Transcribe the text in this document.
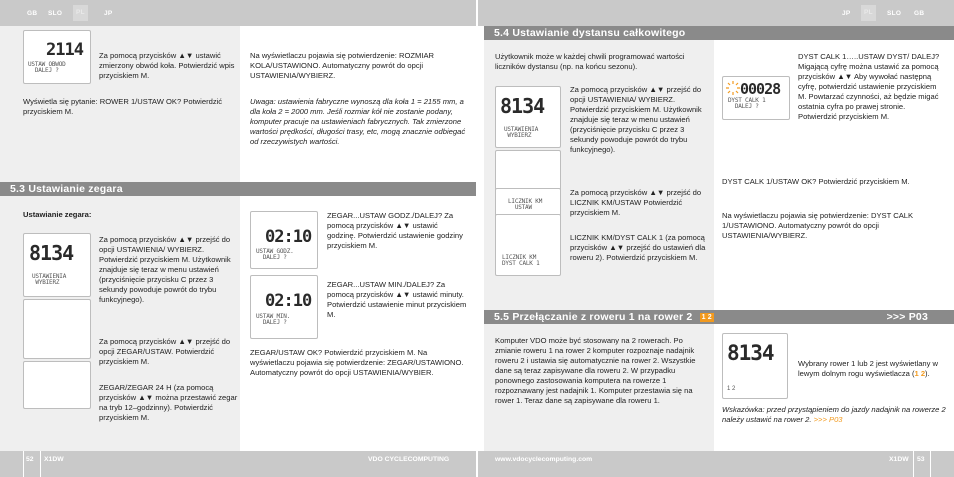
GB SLO	PL	JP	JP	PL	SLO GB
2114
USTAW OBWOD
DALEJ ?
Za pomocą przycisków ▲▼ ustawić zmierzony obwód koła. Potwierdzić wpis przyciskiem M.
Wyświetla się pytanie: ROWER 1/USTAW OK? Potwierdzić przyciskiem M.
Na wyświetlaczu pojawia się potwierdzenie: ROZMIAR KOLA/USTAWIONO. Automatyczny powrót do opcji USTAWIENIA/WYBIERZ.
Uwaga: ustawienia fabryczne wynoszą dla koła 1 = 2155 mm, a dla koła 2 = 2000 mm. Jeśli rozmiar kół nie zostanie podany, komputer pracuje na ustawieniach fabrycznych. Tak zmierzone wartości prędkości, długości trasy, etc, mogą znacznie odbiegać od rzeczywistych wartości.
5.3 Ustawianie zegara
Ustawianie zegara:
8134
USTAWIENIA
WYBIERZ
Za pomocą przycisków ▲▼ przejść do opcji USTAWIENIA/ WYBIERZ. Potwierdzić przyciskiem M. Użytkownik znajduje się teraz w menu ustawień (przyciśnięcie przycisku C przez 3 sekundy powoduje powrót do trybu funkcyjnego).
Za pomocą przycisków ▲▼ przejść do opcji ZEGAR/USTAW. Potwierdzić przyciskiem M.
ZEGAR/ZEGAR 24 H (za pomocą przycisków ▲▼ można przestawić zegar na tryb 12–godzinny). Potwierdzić przyciskiem M.
02:10
USTAW GODZ.
DALEJ ?
02:10
USTAW MIN.
DALEJ ?
ZEGAR...USTAW GODZ./DALEJ? Za pomocą przycisków ▲▼ ustawić godzinę. Potwierdzić ustawienie godziny przyciskiem M.
ZEGAR...USTAW MIN./DALEJ? Za pomocą przycisków ▲▼ ustawić minuty. Potwierdzić ustawienie minut przyciskiem M.
ZEGAR/USTAW OK? Potwierdzić przyciskiem M. Na wyświetlaczu pojawia się potwierdzenie: ZEGAR/USTAWIONO. Automatyczny powrót do opcji USTAWIENIA/WYBIER.
5.4 Ustawianie dystansu całkowitego
Użytkownik może w każdej chwili programować wartości liczników dystansu (np. na końcu sezonu).
8134
USTAWIENIA
WYBIERZ
LICZNIK KM
USTAW
LICZNIK KM
DYST CALK 1
Za pomocą przycisków ▲▼ przejść do opcji USTAWIENIA/ WYBIERZ. Potwierdzić przyciskiem M. Użytkownik znajduje się teraz w menu ustawień (przyciśnięcie przycisku C przez 3 sekundy powoduje powrót do trybu funkcyjnego).
Za pomocą przycisków ▲▼ przejść do LICZNIK KM/USTAW Potwierdzić przyciskiem M.
LICZNIK KM/DYST CALK 1 (za pomocą przycisków ▲▼ przejść do ustawień dla roweru 2). Potwierdzić przyciskiem M.
00028
DYST CALK 1
DALEJ ?
DYST CALK 1…..USTAW DYST/ DALEJ? Migającą cyfrę można ustawić za pomocą przycisków ▲▼ Aby wywołać następną cyfrę, potwierdzić ustawienie przyciskiem M. Powtarzać czynności, aż będzie migać ostatnia cyfra po prawej stronie. Potwierdzić przyciskiem M.
DYST CALK 1/USTAW OK? Potwierdzić przyciskiem M.
Na wyświetlaczu pojawia się potwierdzenie: DYST CALK 1/USTAWIONO. Automatyczny powrót do opcji USTAWIENIA/WYBIERZ.
5.5 Przełączanie z roweru 1 na rower 2 1 2	>>> P03
Komputer VDO może być stosowany na 2 rowerach. Po zmianie roweru 1 na rower 2 komputer rozpoznaje nadajnik roweru 2 i ustawia się automatycznie na rower 2. Wszystkie dane są teraz zapisywane dla roweru 2. W przypadku ponownego zastosowania komputera na rowerze 1 rozpoznawany jest nadajnik 1. Komputer przestawia się na rower 1. Teraz dane są zapisywane dla roweru 1.
8134
1 2
Wybrany rower 1 lub 2 jest wyświetlany w lewym dolnym rogu wyświetlacza (1 2).
Wskazówka: przed przystąpieniem do jazdy nadajnik na rowerze 2 należy ustawić na rower 2. >>> P03
52 X1DW	VDO CYCLECOMPUTING	www.vdocyclecomputing.com	X1DW 53
